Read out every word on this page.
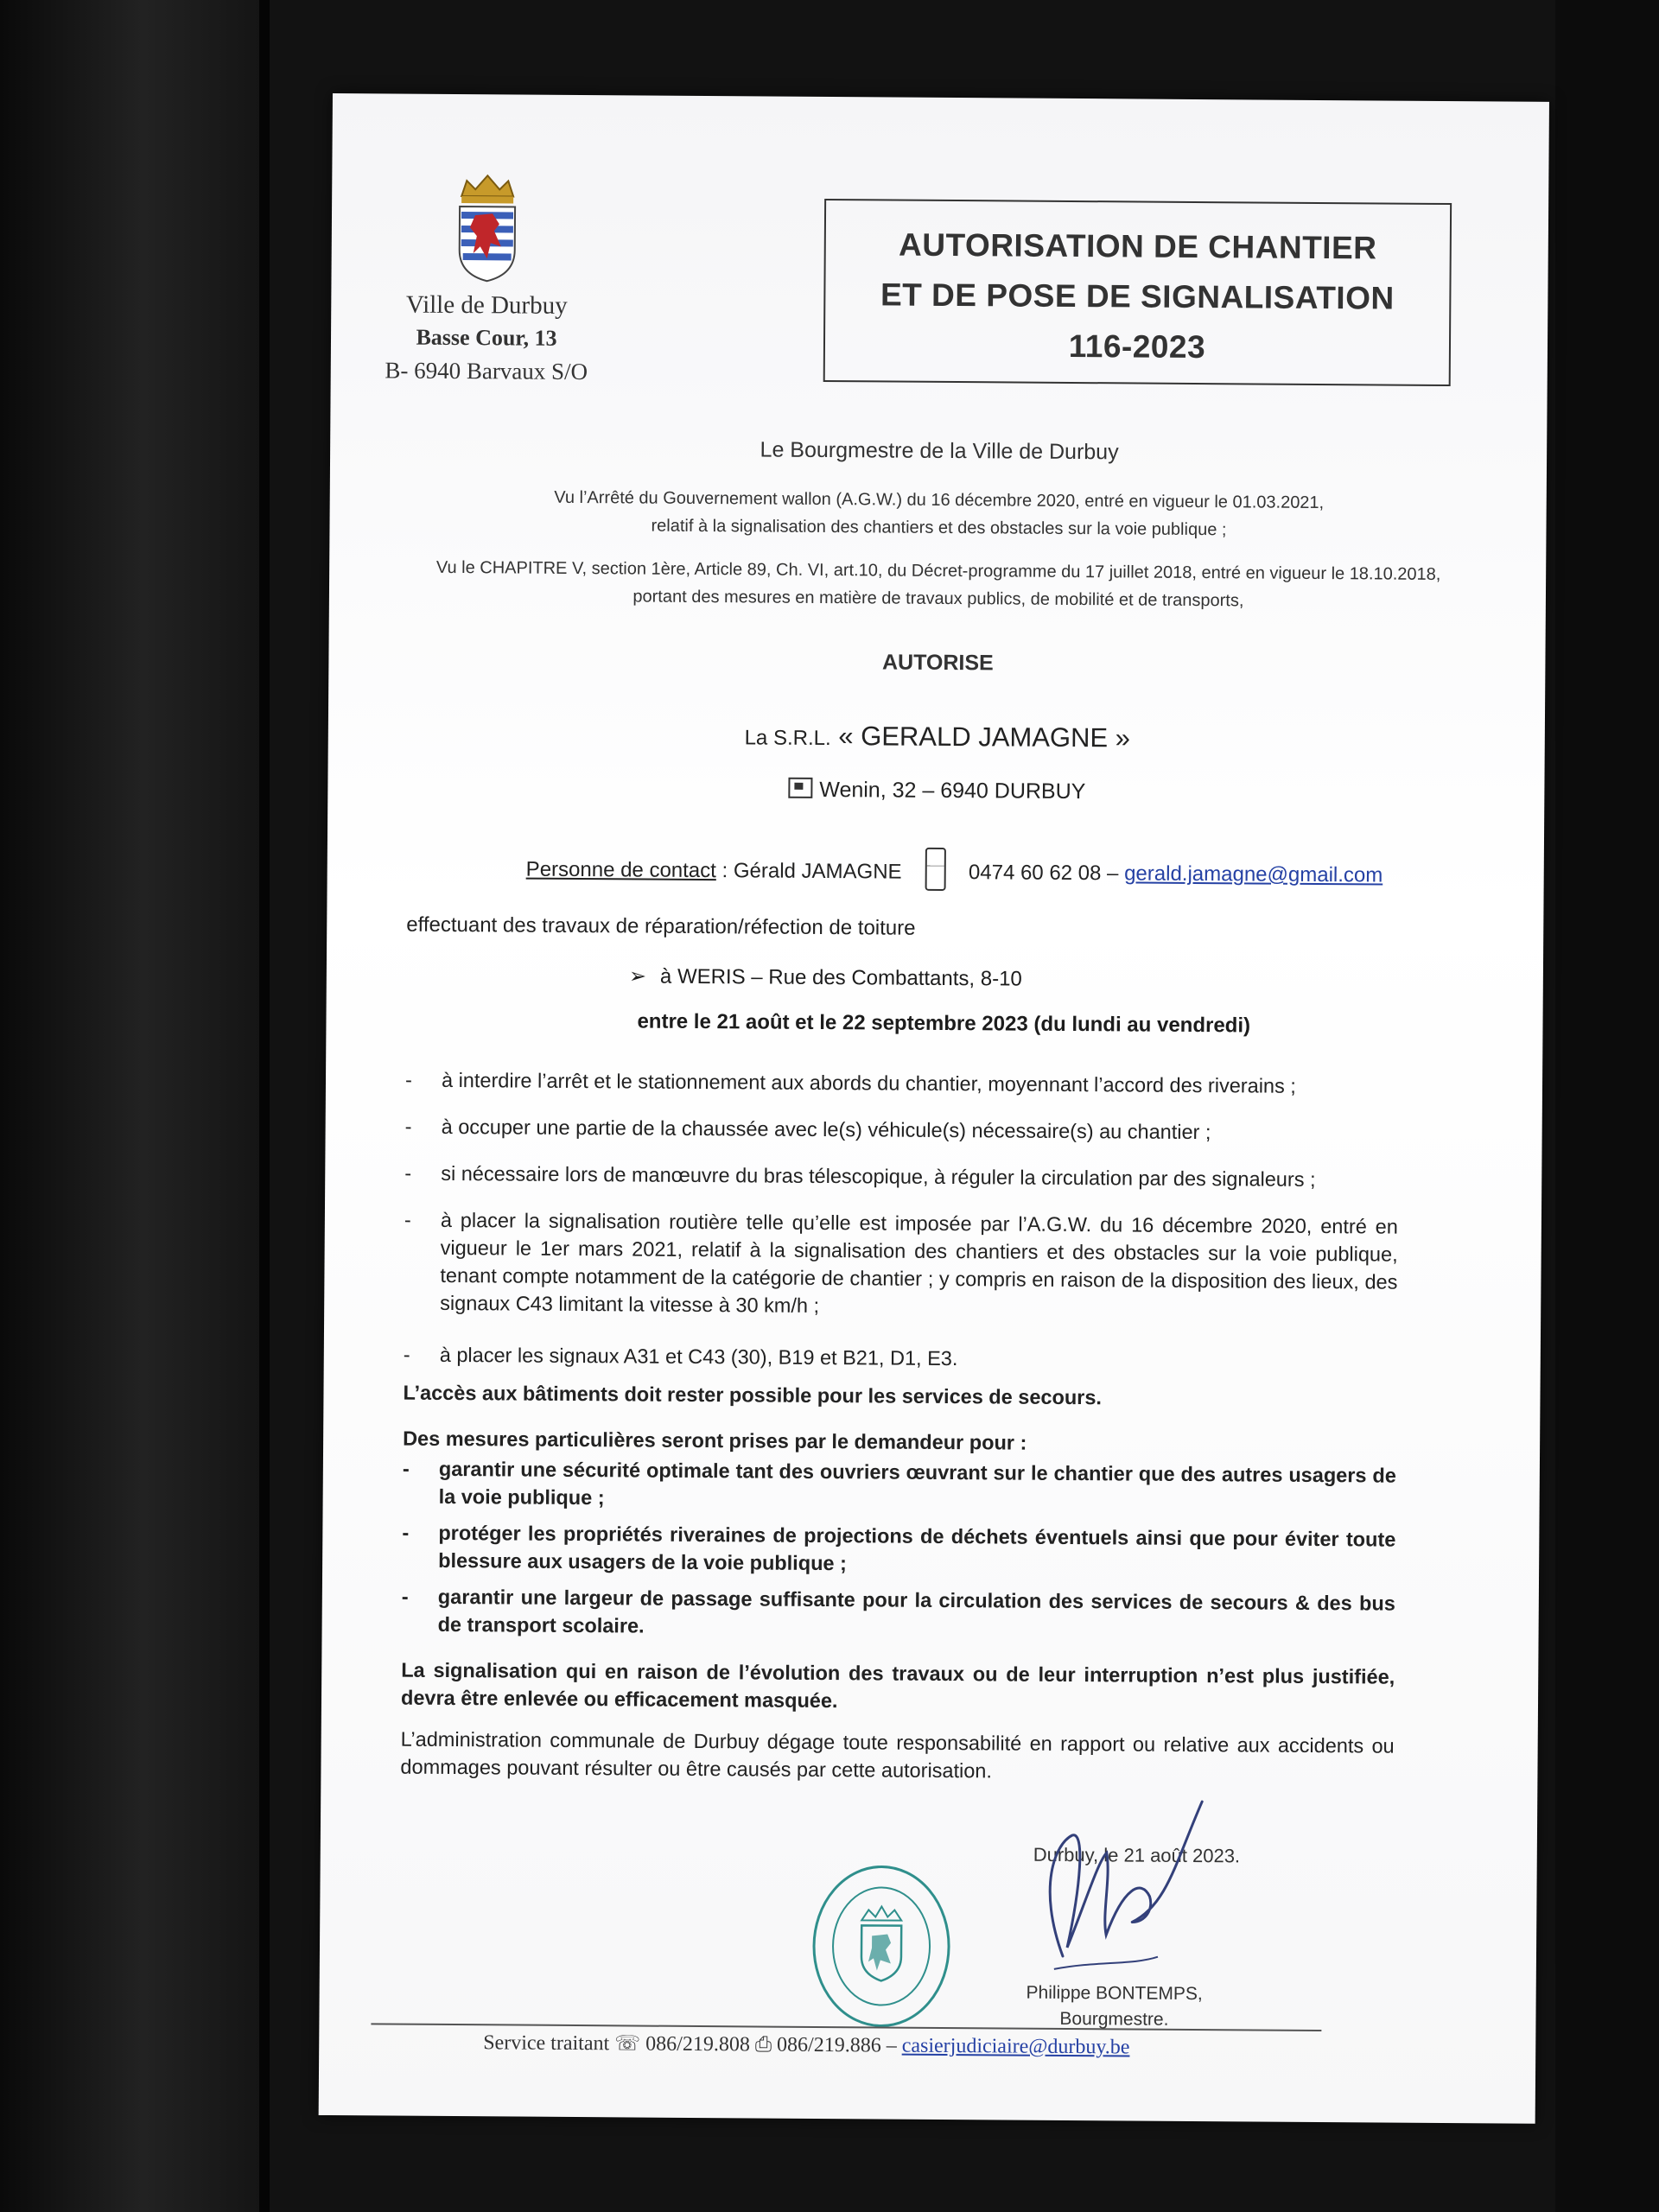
Ville de Durbuy
Basse Cour, 13
B- 6940 Barvaux S/O
AUTORISATION DE CHANTIER
ET DE POSE DE SIGNALISATION
116-2023
Le Bourgmestre de la Ville de Durbuy
Vu l’Arrêté du Gouvernement wallon (A.G.W.) du 16 décembre 2020, entré en vigueur le 01.03.2021,
relatif à la signalisation des chantiers et des obstacles sur la voie publique ;
Vu le CHAPITRE V, section 1ère, Article 89, Ch. VI, art.10, du Décret-programme du 17 juillet 2018, entré en vigueur le 18.10.2018,
portant des mesures en matière de travaux publics, de mobilité et de transports,
AUTORISE
La S.R.L. « GERALD JAMAGNE »
Wenin, 32 – 6940 DURBUY
Personne de contact : Gérald JAMAGNE	0474 60 62 08 – gerald.jamagne@gmail.com
effectuant des travaux de réparation/réfection de toiture
➢ à WERIS – Rue des Combattants, 8-10
entre le 21 août et le 22 septembre 2023 (du lundi au vendredi)
- à interdire l’arrêt et le stationnement aux abords du chantier, moyennant l’accord des riverains ;
- à occuper une partie de la chaussée avec le(s) véhicule(s) nécessaire(s) au chantier ;
- si nécessaire lors de manœuvre du bras télescopique, à réguler la circulation par des signaleurs ;
- à placer la signalisation routière telle qu’elle est imposée par l’A.G.W. du 16 décembre 2020, entré en vigueur le 1er mars 2021, relatif à la signalisation des chantiers et des obstacles sur la voie publique, tenant compte notamment de la catégorie de chantier ; y compris en raison de la disposition des lieux, des signaux C43 limitant la vitesse à 30 km/h ;
- à placer les signaux A31 et C43 (30), B19 et B21, D1, E3.
L’accès aux bâtiments doit rester possible pour les services de secours.
Des mesures particulières seront prises par le demandeur pour :
- garantir une sécurité optimale tant des ouvriers œuvrant sur le chantier que des autres usagers de la voie publique ;
- protéger les propriétés riveraines de projections de déchets éventuels ainsi que pour éviter toute blessure aux usagers de la voie publique ;
- garantir une largeur de passage suffisante pour la circulation des services de secours & des bus de transport scolaire.
La signalisation qui en raison de l’évolution des travaux ou de leur interruption n’est plus justifiée, devra être enlevée ou efficacement masquée.
L’administration communale de Durbuy dégage toute responsabilité en rapport ou relative aux accidents ou dommages pouvant résulter ou être causés par cette autorisation.
Durbuy, le 21 août 2023.
Philippe BONTEMPS,
Bourgmestre.
Service traitant ☏ 086/219.808 ⎙ 086/219.886 – casierjudiciaire@durbuy.be
